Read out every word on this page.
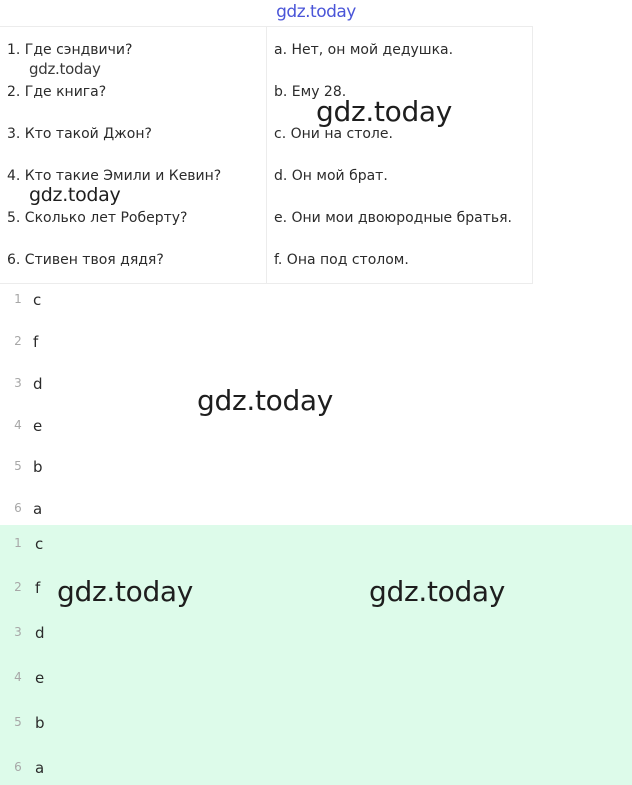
gdz.today
1. Где сэндвичи?	a. Нет, он мой дедушка.
2. Где книга?	b. Ему 28.
3. Кто такой Джон?	c. Они на столе.
4. Кто такие Эмили и Кевин?	d. Он мой брат.
5. Сколько лет Роберту?	e. Они мои двоюродные братья.
6. Стивен твоя дядя?	f. Она под столом.
1 c
2 f
3 d
4 e
5 b
6 a
1 c
2 f
3 d
4 e
5 b
6 a
gdz.today
gdz.today
gdz.today
gdz.today
gdz.today	gdz.today
